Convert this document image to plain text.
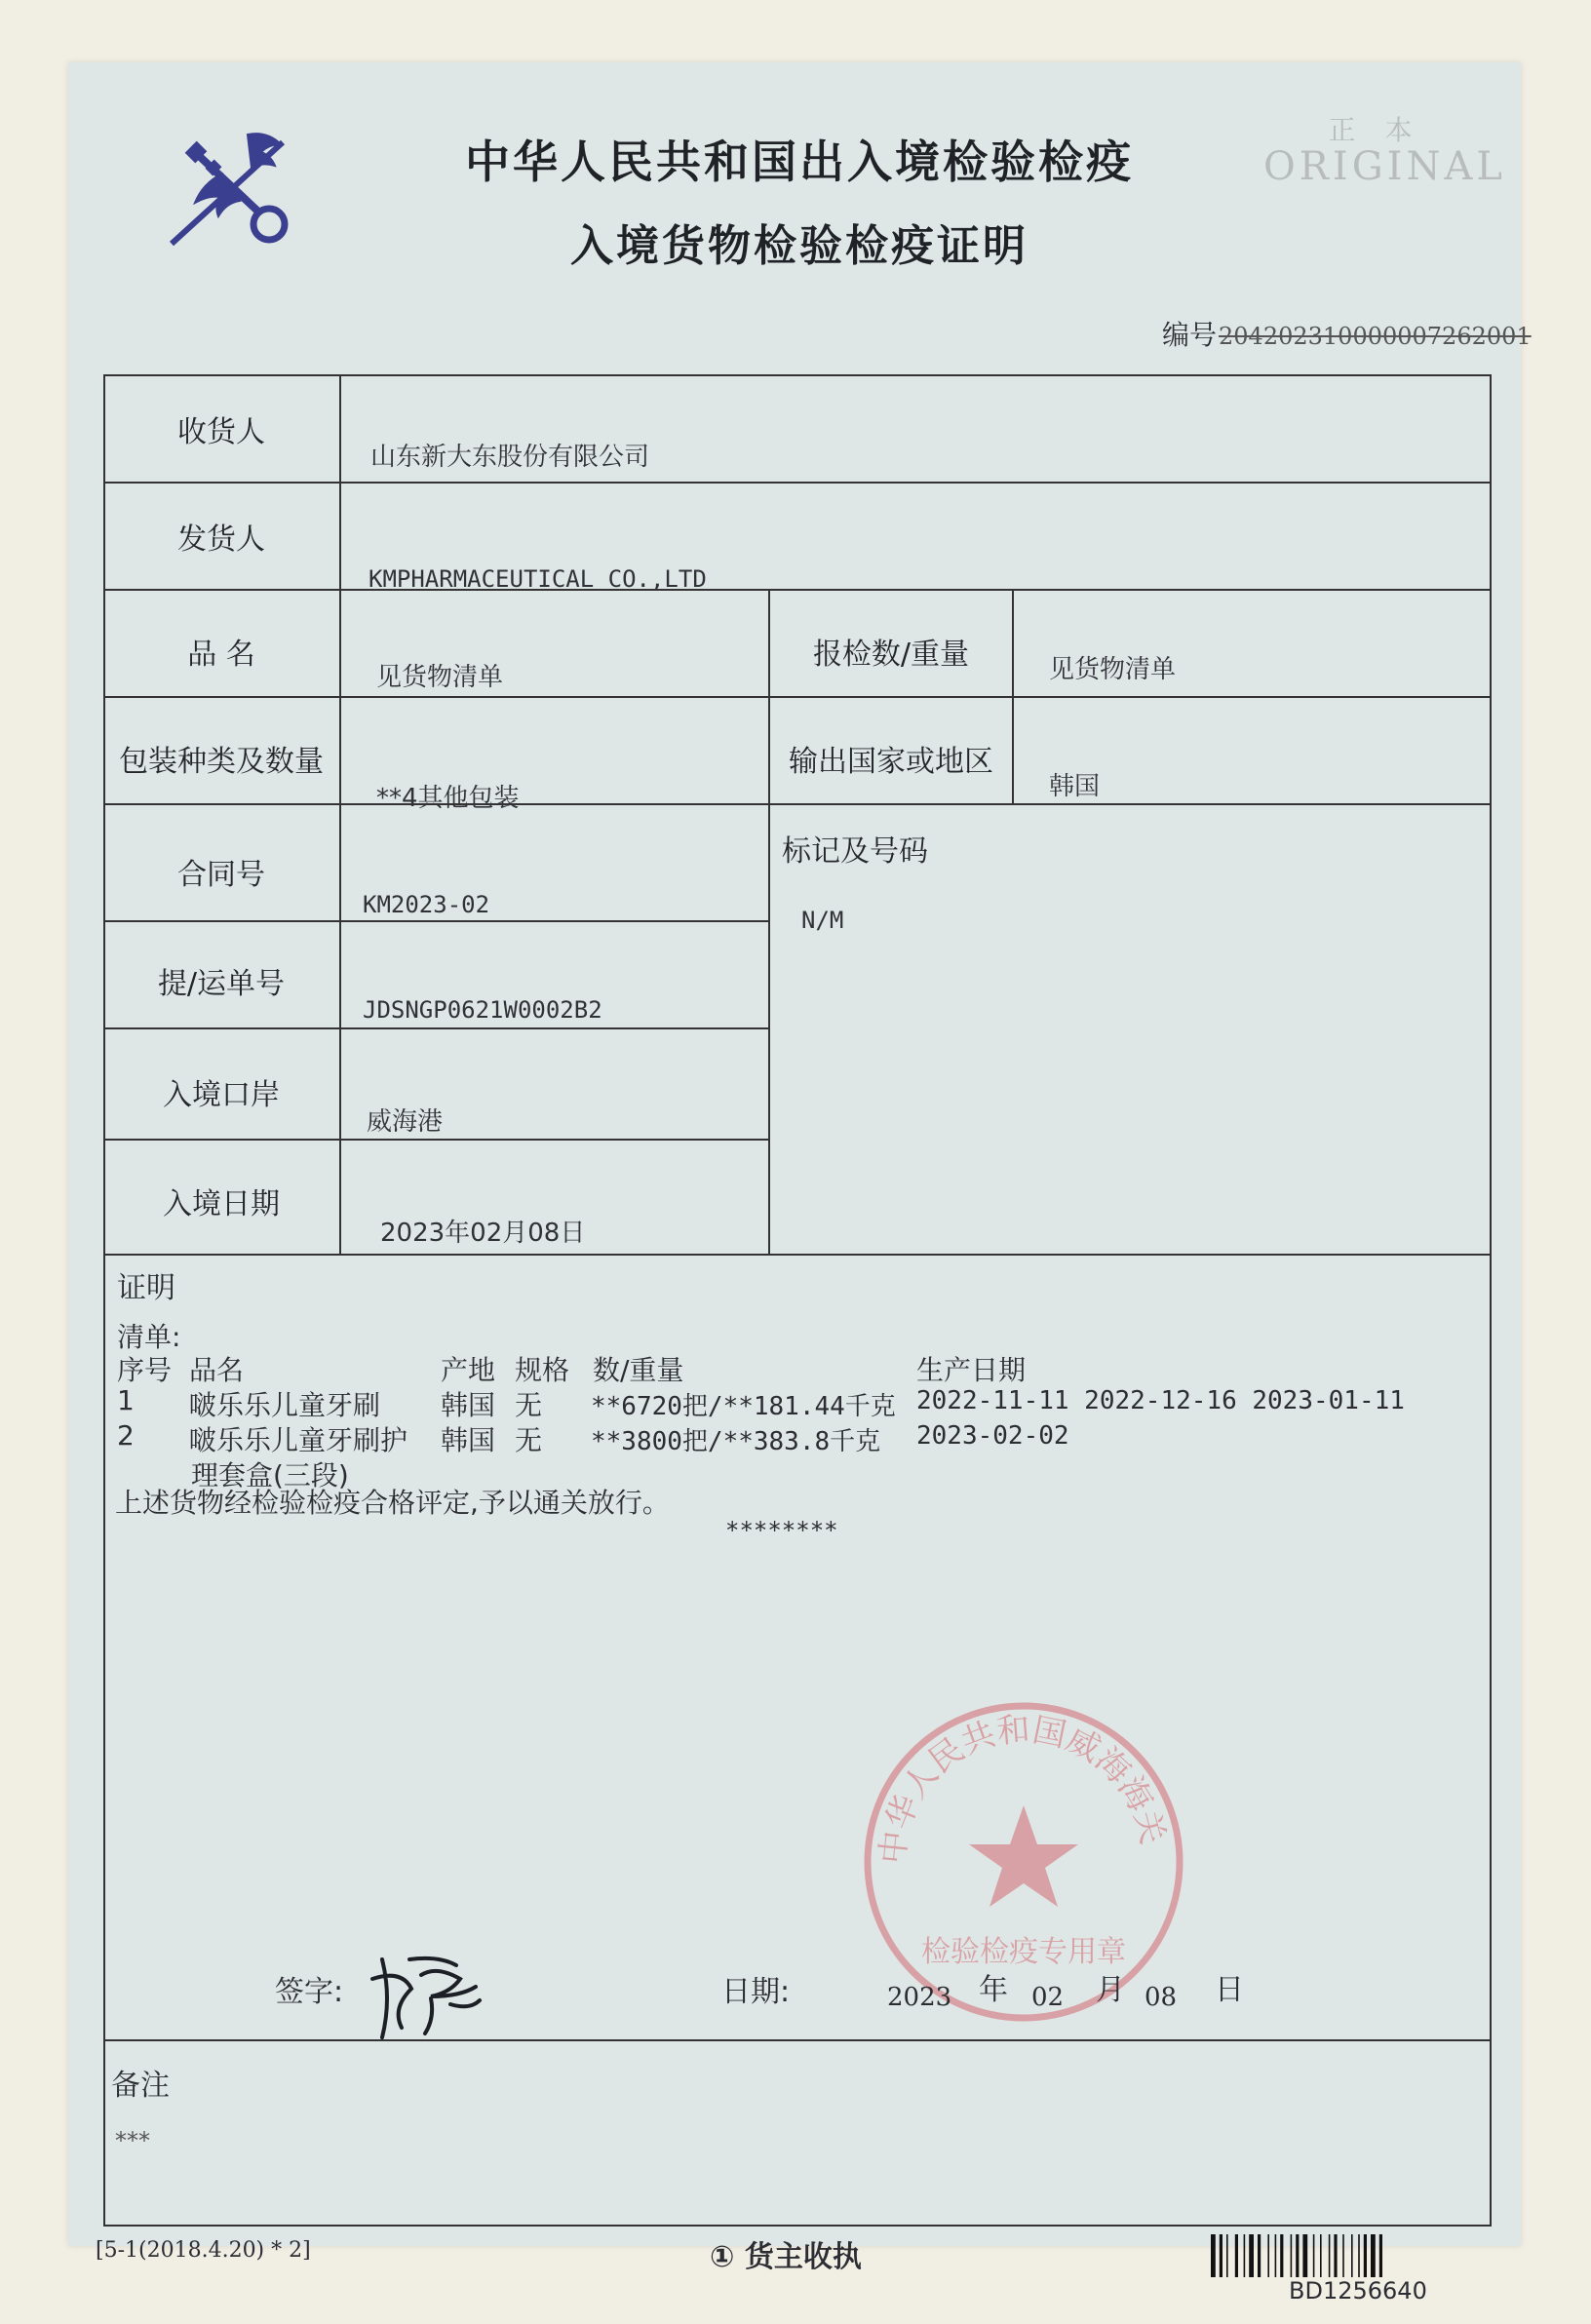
中华人民共和国出入境检验检疫
入境货物检验检疫证明
正本
ORIGINAL
编号204202310000007262001
收货人
山东新大东股份有限公司
发货人
KMPHARMACEUTICAL CO.,LTD
品 名
见货物清单
报检数/重量	见货物清单
包装种类及数量
**4其他包装
输出国家或地区
韩国
合同号
KM2023-02
标记及号码
N/M
提/运单号
JDSNGP0621W0002B2
入境口岸
威海港
入境日期
2023年02月08日
证明
清单:
序号 品名	产地 规格 数/重量	生产日期
1 啵乐乐儿童牙刷 韩国 无 **6720把/**181.44千克 2022-11-11 2022-12-16 2023-01-11
2 啵乐乐儿童牙刷护 韩国 无 **3800把/**383.8千克 2023-02-02
理套盒(三段)
上述货物经检验检疫合格评定,予以通关放行。
********
中华人民共和国威海海关
检验检疫专用章
签字:	日期:	2023 年 02 月 08 日
备注
***
[5-1(2018.4.20) * 2]	① 货主收执
BD1256640
